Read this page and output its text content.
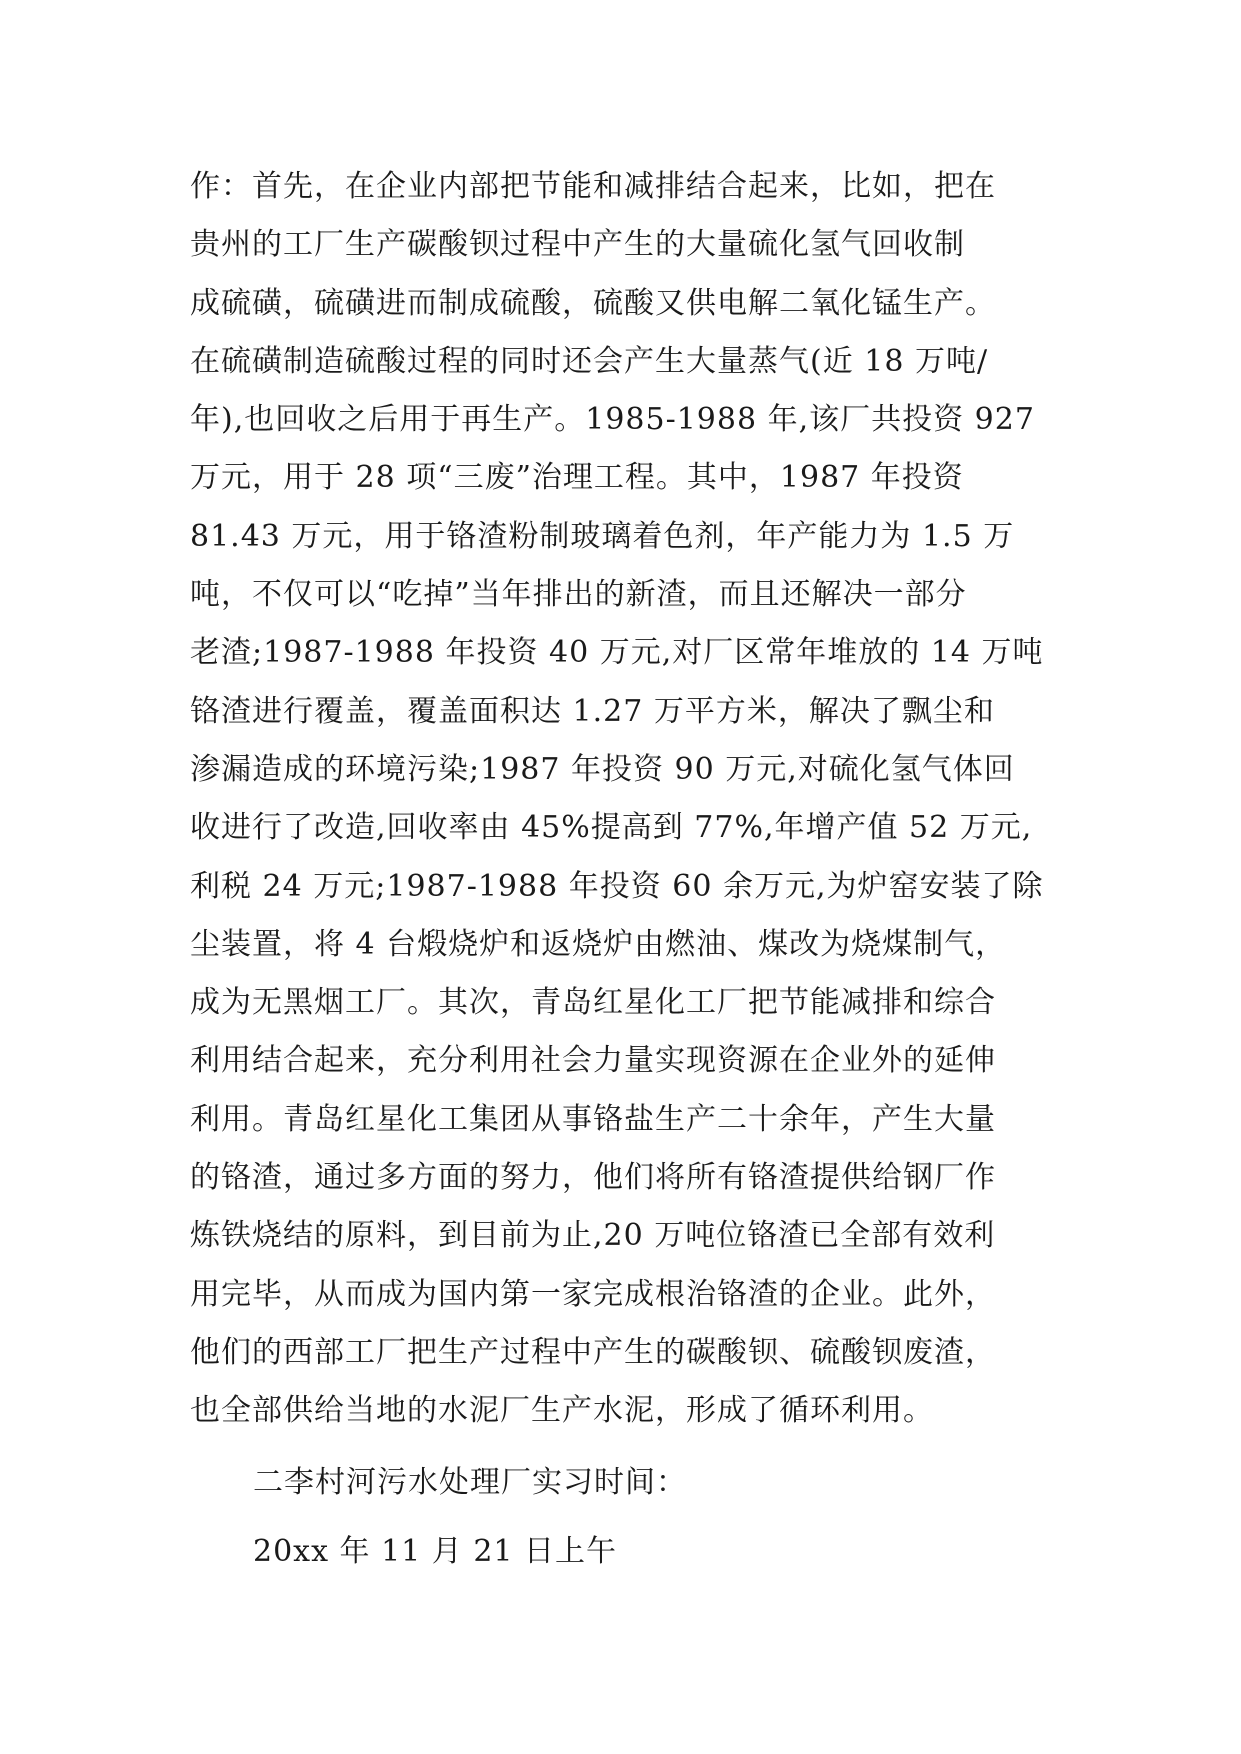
作：首先，在企业内部把节能和减排结合起来，比如，把在
贵州的工厂生产碳酸钡过程中产生的大量硫化氢气回收制
成硫磺，硫磺进而制成硫酸，硫酸又供电解二氧化锰生产。
在硫磺制造硫酸过程的同时还会产生大量蒸气(近 18 万吨/
年),也回收之后用于再生产。1985-1988 年,该厂共投资 927
万元，用于 28 项“三废”治理工程。其中，1987 年投资
81.43 万元，用于铬渣粉制玻璃着色剂，年产能力为 1.5 万
吨，不仅可以“吃掉”当年排出的新渣，而且还解决一部分
老渣;1987-1988 年投资 40 万元,对厂区常年堆放的 14 万吨
铬渣进行覆盖，覆盖面积达 1.27 万平方米，解决了飘尘和
渗漏造成的环境污染;1987 年投资 90 万元,对硫化氢气体回
收进行了改造,回收率由 45%提高到 77%,年增产值 52 万元,
利税 24 万元;1987-1988 年投资 60 余万元,为炉窑安装了除
尘装置，将 4 台煅烧炉和返烧炉由燃油、煤改为烧煤制气，
成为无黑烟工厂。其次，青岛红星化工厂把节能减排和综合
利用结合起来，充分利用社会力量实现资源在企业外的延伸
利用。青岛红星化工集团从事铬盐生产二十余年，产生大量
的铬渣，通过多方面的努力，他们将所有铬渣提供给钢厂作
炼铁烧结的原料，到目前为止,20 万吨位铬渣已全部有效利
用完毕，从而成为国内第一家完成根治铬渣的企业。此外，
他们的西部工厂把生产过程中产生的碳酸钡、硫酸钡废渣，
也全部供给当地的水泥厂生产水泥，形成了循环利用。
二李村河污水处理厂实习时间：
20xx 年 11 月 21 日上午
